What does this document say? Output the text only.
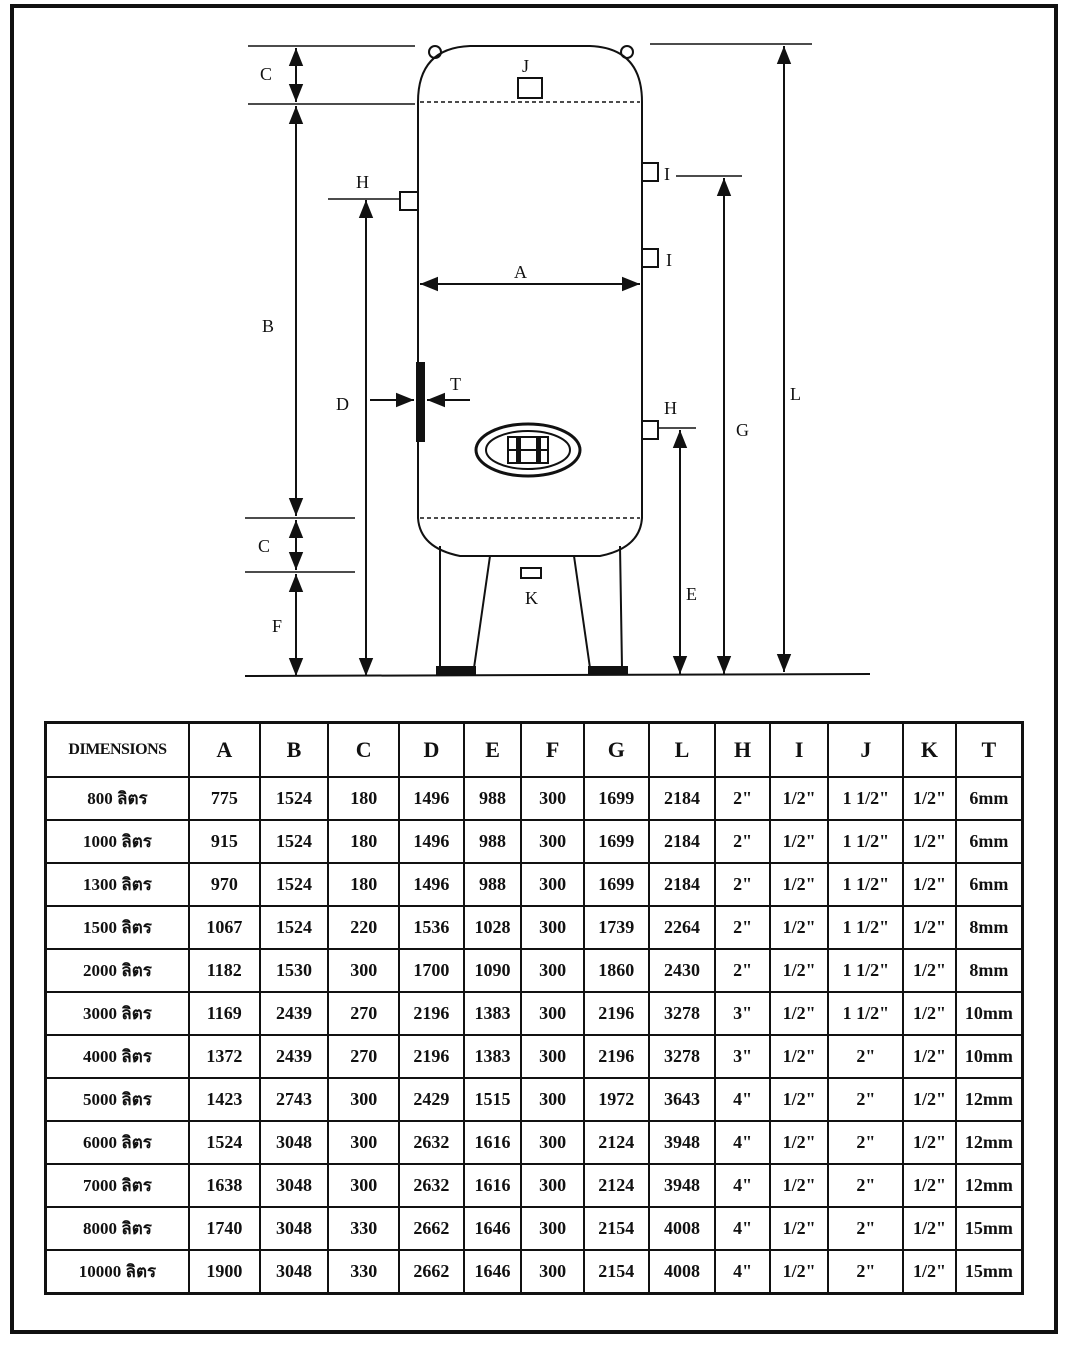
C	J
H	I
I
A
B
T
D	H
G
L
C
K	E
F
DIMENSIONS	A	B	C	D	E	F	G	L	H	I	J	K	T
800 ลิตร	775	1524	180	1496	988	300	1699	2184	2"	1/2"	1 1/2"	1/2"	6mm
1000 ลิตร	915	1524	180	1496	988	300	1699	2184	2"	1/2"	1 1/2"	1/2"	6mm
1300 ลิตร	970	1524	180	1496	988	300	1699	2184	2"	1/2"	1 1/2"	1/2"	6mm
1500 ลิตร	1067	1524	220	1536	1028	300	1739	2264	2"	1/2"	1 1/2"	1/2"	8mm
2000 ลิตร	1182	1530	300	1700	1090	300	1860	2430	2"	1/2"	1 1/2"	1/2"	8mm
3000 ลิตร	1169	2439	270	2196	1383	300	2196	3278	3"	1/2"	1 1/2"	1/2"	10mm
4000 ลิตร	1372	2439	270	2196	1383	300	2196	3278	3"	1/2"	2"	1/2"	10mm
5000 ลิตร	1423	2743	300	2429	1515	300	1972	3643	4"	1/2"	2"	1/2"	12mm
6000 ลิตร	1524	3048	300	2632	1616	300	2124	3948	4"	1/2"	2"	1/2"	12mm
7000 ลิตร	1638	3048	300	2632	1616	300	2124	3948	4"	1/2"	2"	1/2"	12mm
8000 ลิตร	1740	3048	330	2662	1646	300	2154	4008	4"	1/2"	2"	1/2"	15mm
10000 ลิตร	1900	3048	330	2662	1646	300	2154	4008	4"	1/2"	2"	1/2"	15mm
